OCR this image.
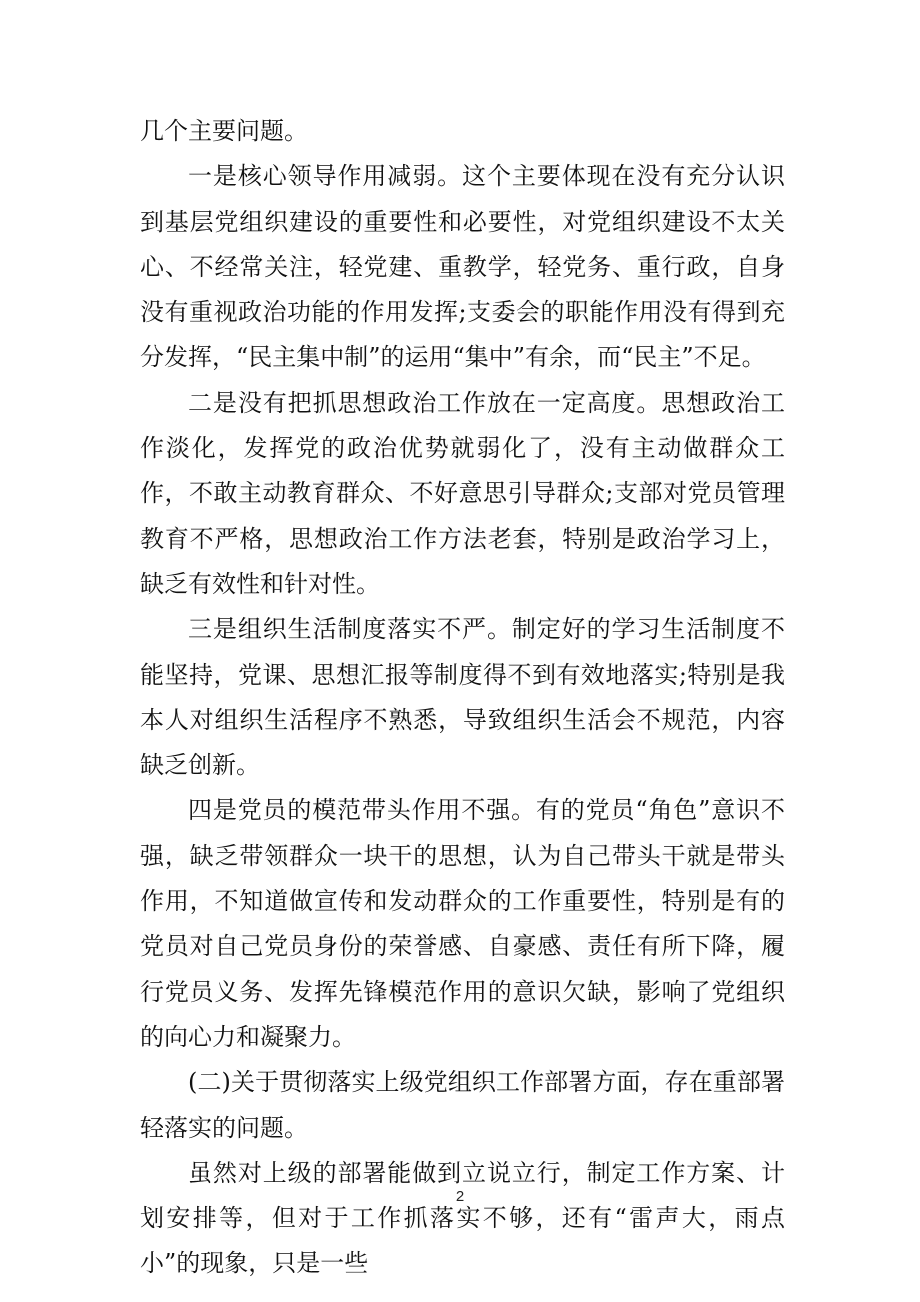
几个主要问题。

一是核心领导作用减弱。这个主要体现在没有充分认识到基层党组织建设的重要性和必要性，对党组织建设不太关心、不经常关注，轻党建、重教学，轻党务、重行政，自身没有重视政治功能的作用发挥;支委会的职能作用没有得到充分发挥，“民主集中制”的运用“集中”有余，而“民主”不足。

二是没有把抓思想政治工作放在一定高度。思想政治工作淡化，发挥党的政治优势就弱化了，没有主动做群众工作，不敢主动教育群众、不好意思引导群众;支部对党员管理教育不严格，思想政治工作方法老套，特别是政治学习上，缺乏有效性和针对性。

三是组织生活制度落实不严。制定好的学习生活制度不能坚持，党课、思想汇报等制度得不到有效地落实;特别是我本人对组织生活程序不熟悉，导致组织生活会不规范，内容缺乏创新。

四是党员的模范带头作用不强。有的党员“角色”意识不强，缺乏带领群众一块干的思想，认为自己带头干就是带头作用，不知道做宣传和发动群众的工作重要性，特别是有的党员对自己党员身份的荣誉感、自豪感、责任有所下降，履行党员义务、发挥先锋模范作用的意识欠缺，影响了党组织的向心力和凝聚力。

(二)关于贯彻落实上级党组织工作部署方面，存在重部署轻落实的问题。

虽然对上级的部署能做到立说立行，制定工作方案、计划安排等，但对于工作抓落实不够，还有“雷声大，雨点小”的现象，只是一些

2
